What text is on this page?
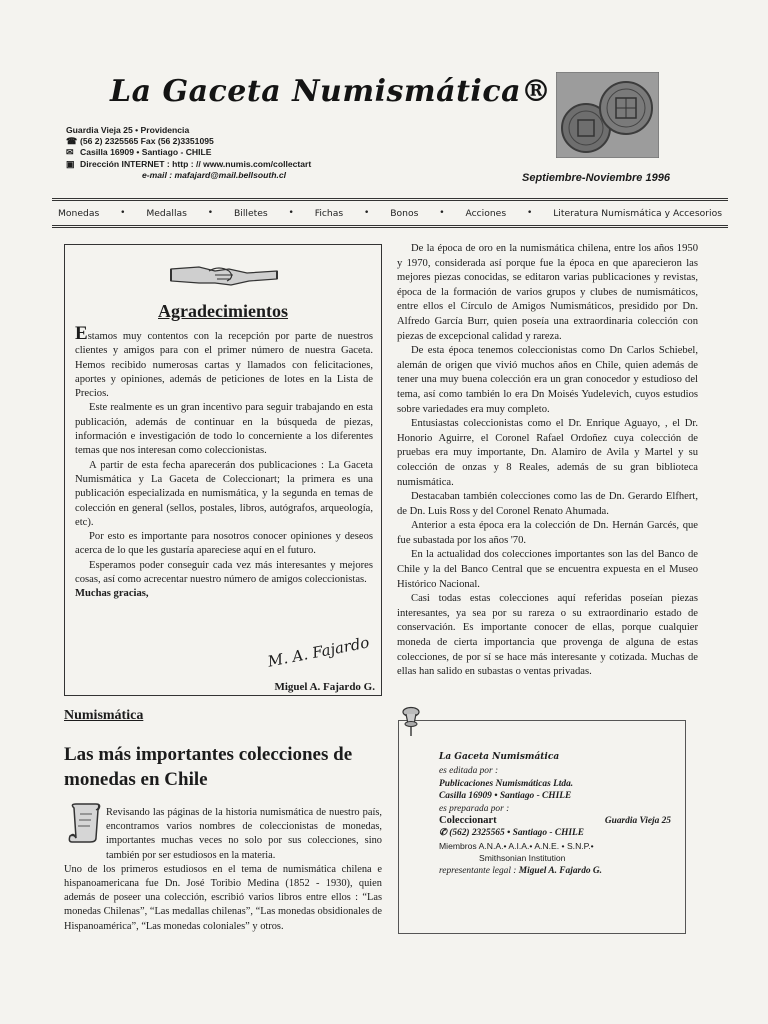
La Gaceta Numismática®
Guardia Vieja 25 • Providencia
☎ (56 2) 2325565 Fax (56 2)3351095
✉ Casilla 16909 • Santiago - CHILE
▣ Dirección INTERNET : http : // www.numis.com/collectart
e-mail : mafajard@mail.bellsouth.cl	Septiembre-Noviembre 1996
Monedas • Medallas • Billetes • Fichas • Bonos • Acciones • Literatura Numismática y Accesorios
Agradecimientos

Estamos muy contentos con la recepción por parte de nuestros clientes y amigos para con el primer número de nuestra Gaceta. Hemos recibido numerosas cartas y llamados con felicitaciones, aportes y opiniones, además de peticiones de lotes en la Lista de Precios.

Este realmente es un gran incentivo para seguir trabajando en esta publicación, además de continuar en la búsqueda de piezas, información e investigación de todo lo concerniente a los diferentes temas que nos interesan como coleccionistas.

A partir de esta fecha aparecerán dos publicaciones : La Gaceta Numismática y La Gaceta de Coleccionart; la primera es una publicación especializada en numismática, y la segunda en temas de colección en general (sellos, postales, libros, autógrafos, arqueología, etc).

Por esto es importante para nosotros conocer opiniones y deseos acerca de lo que les gustaría apareciese aquí en el futuro.

Esperamos poder conseguir cada vez más interesantes y mejores cosas, así como acrecentar nuestro número de amigos coleccionistas.

Muchas gracias,

M. A. Fajardo
Miguel A. Fajardo G.

De la época de oro en la numismática chilena, entre los años 1950 y 1970, considerada así porque fue la época en que aparecieron las mejores piezas conocidas, se editaron varias publicaciones y revistas, época de la formación de varios grupos y clubes de numismáticos, entre ellos el Círculo de Amigos Numismáticos, presidido por Dn. Alfredo García Burr, quien poseía una extraordinaria colección con piezas de excepcional calidad y rareza.

De esta época tenemos coleccionistas como Dn Carlos Schiebel, alemán de origen que vivió muchos años en Chile, quien además de tener una muy buena colección era un gran conocedor y estudioso del tema, así como también lo era Dn Moisés Yudelevich, cuyos estudios sobre variedades era muy completo.

Entusiastas coleccionistas como el Dr. Enrique Aguayo, , el Dr. Honorio Aguirre, el Coronel Rafael Ordoñez cuya colección de pruebas era muy importante, Dn. Alamiro de Avila y Martel y su colección de onzas y 8 Reales, además de su gran biblioteca numismática.

Destacaban también colecciones como las de Dn. Gerardo Elfhert, de Dn. Luis Ross y del Coronel Renato Ahumada.

Anterior a esta época era la colección de Dn. Hernán Garcés, que fue subastada por los años '70.

En la actualidad dos colecciones importantes son las del Banco de Chile y la del Banco Central que se encuentra expuesta en el Museo Histórico Nacional.

Casi todas estas colecciones aquí referidas poseían piezas interesantes, ya sea por su rareza o su extraordinario estado de conservación. Es importante conocer de ellas, porque cualquier moneda de cierta importancia que provenga de alguna de estas colecciones, de por sí se hace más interesante y cotizada. Muchas de ellas han salido en subastas o ventas privadas.

Numismática
Las más importantes colecciones de monedas en Chile

Revisando las páginas de la historia numismática de nuestro país, encontramos varios nombres de coleccionistas de monedas, importantes muchas veces no solo por sus colecciones, sino también por ser estudiosos en la materia.

Uno de los primeros estudiosos en el tema de numismática chilena e hispanoamericana fue Dn. José Toribio Medina (1852 - 1930), quien además de poseer una colección, escribió varios libros entre ellos : “Las monedas Chilenas”, “Las medallas chilenas”, “Las monedas obsidionales de Hispanoamérica”, “Las monedas coloniales” y otros.

La Gaceta Numismática
es editada por :
Publicaciones Numismáticas Ltda.
Casilla 16909 • Santiago - CHILE
es preparada por :
Coleccionart	Guardia Vieja 25
✆ (562) 2325565 • Santiago - CHILE
Miembros A.N.A.• A.I.A.• A.N.E. • S.N.P.•
Smithsonian Institution
representante legal : Miguel A. Fajardo G.
